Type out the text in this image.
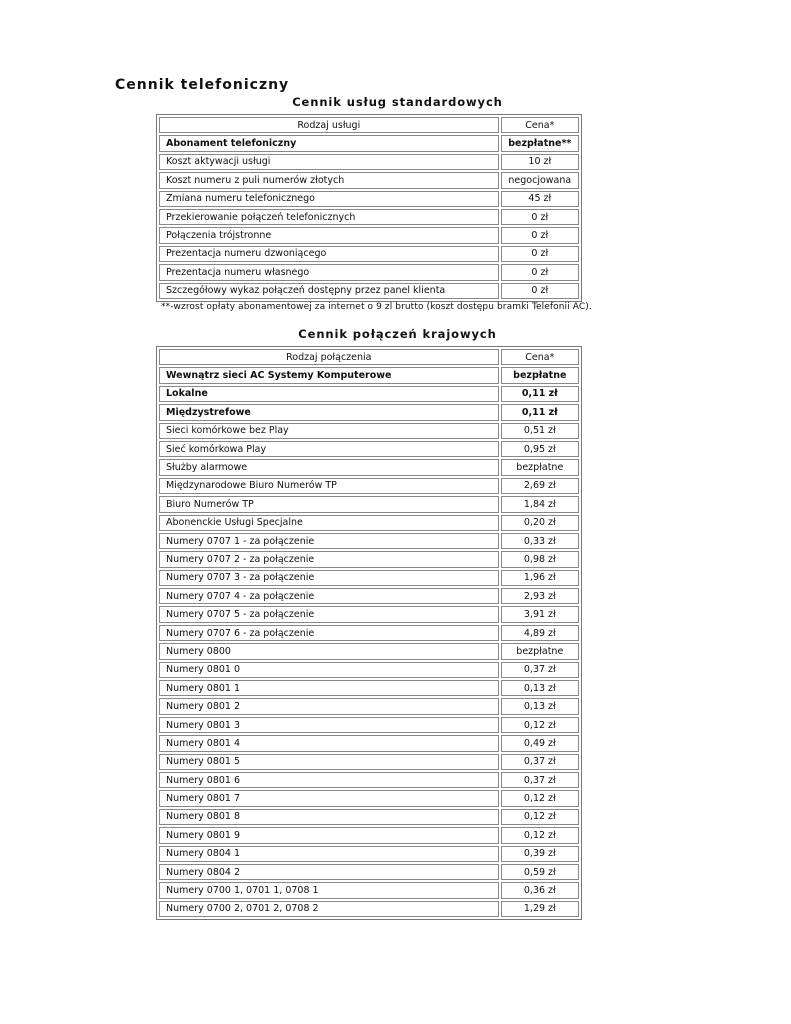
Cennik telefoniczny
Cennik usług standardowych
Rodzaj usługi	Cena*
Abonament telefoniczny	bezpłatne**
Koszt aktywacji usługi	10 zł
Koszt numeru z puli numerów złotych	negocjowana
Zmiana numeru telefonicznego	45 zł
Przekierowanie połączeń telefonicznych	0 zł
Połączenia trójstronne	0 zł
Prezentacja numeru dzwoniącego	0 zł
Prezentacja numeru własnego	0 zł
Szczegółowy wykaz połączeń dostępny przez panel klienta	0 zł
**-wzrost opłaty abonamentowej za internet o 9 zl brutto (koszt dostępu bramki Telefonii AC).
Cennik połączeń krajowych
Rodzaj połączenia	Cena*
Wewnątrz sieci AC Systemy Komputerowe	bezpłatne
Lokalne	0,11 zł
Międzystrefowe	0,11 zł
Sieci komórkowe bez Play	0,51 zł
Sieć komórkowa Play	0,95 zł
Służby alarmowe	bezpłatne
Międzynarodowe Biuro Numerów TP	2,69 zł
Biuro Numerów TP	1,84 zł
Abonenckie Usługi Specjalne	0,20 zł
Numery 0707 1 - za połączenie	0,33 zł
Numery 0707 2 - za połączenie	0,98 zł
Numery 0707 3 - za połączenie	1,96 zł
Numery 0707 4 - za połączenie	2,93 zł
Numery 0707 5 - za połączenie	3,91 zł
Numery 0707 6 - za połączenie	4,89 zł
Numery 0800	bezpłatne
Numery 0801 0	0,37 zł
Numery 0801 1	0,13 zł
Numery 0801 2	0,13 zł
Numery 0801 3	0,12 zł
Numery 0801 4	0,49 zł
Numery 0801 5	0,37 zł
Numery 0801 6	0,37 zł
Numery 0801 7	0,12 zł
Numery 0801 8	0,12 zł
Numery 0801 9	0,12 zł
Numery 0804 1	0,39 zł
Numery 0804 2	0,59 zł
Numery 0700 1, 0701 1, 0708 1	0,36 zł
Numery 0700 2, 0701 2, 0708 2	1,29 zł
